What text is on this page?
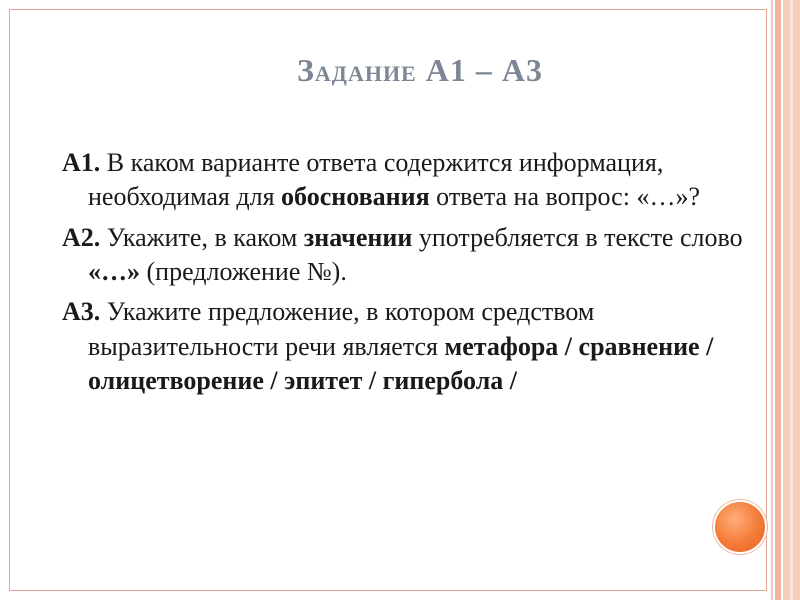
Задание А1 – А3

А1. В каком варианте ответа содержится информация, необходимая для обоснования ответа на вопрос: «…»?

А2. Укажите, в каком значении употребляется в тексте слово «…» (предложение №).

А3. Укажите предложение, в котором средством выразительности речи является метафора / сравнение / олицетворение / эпитет / гипербола /
